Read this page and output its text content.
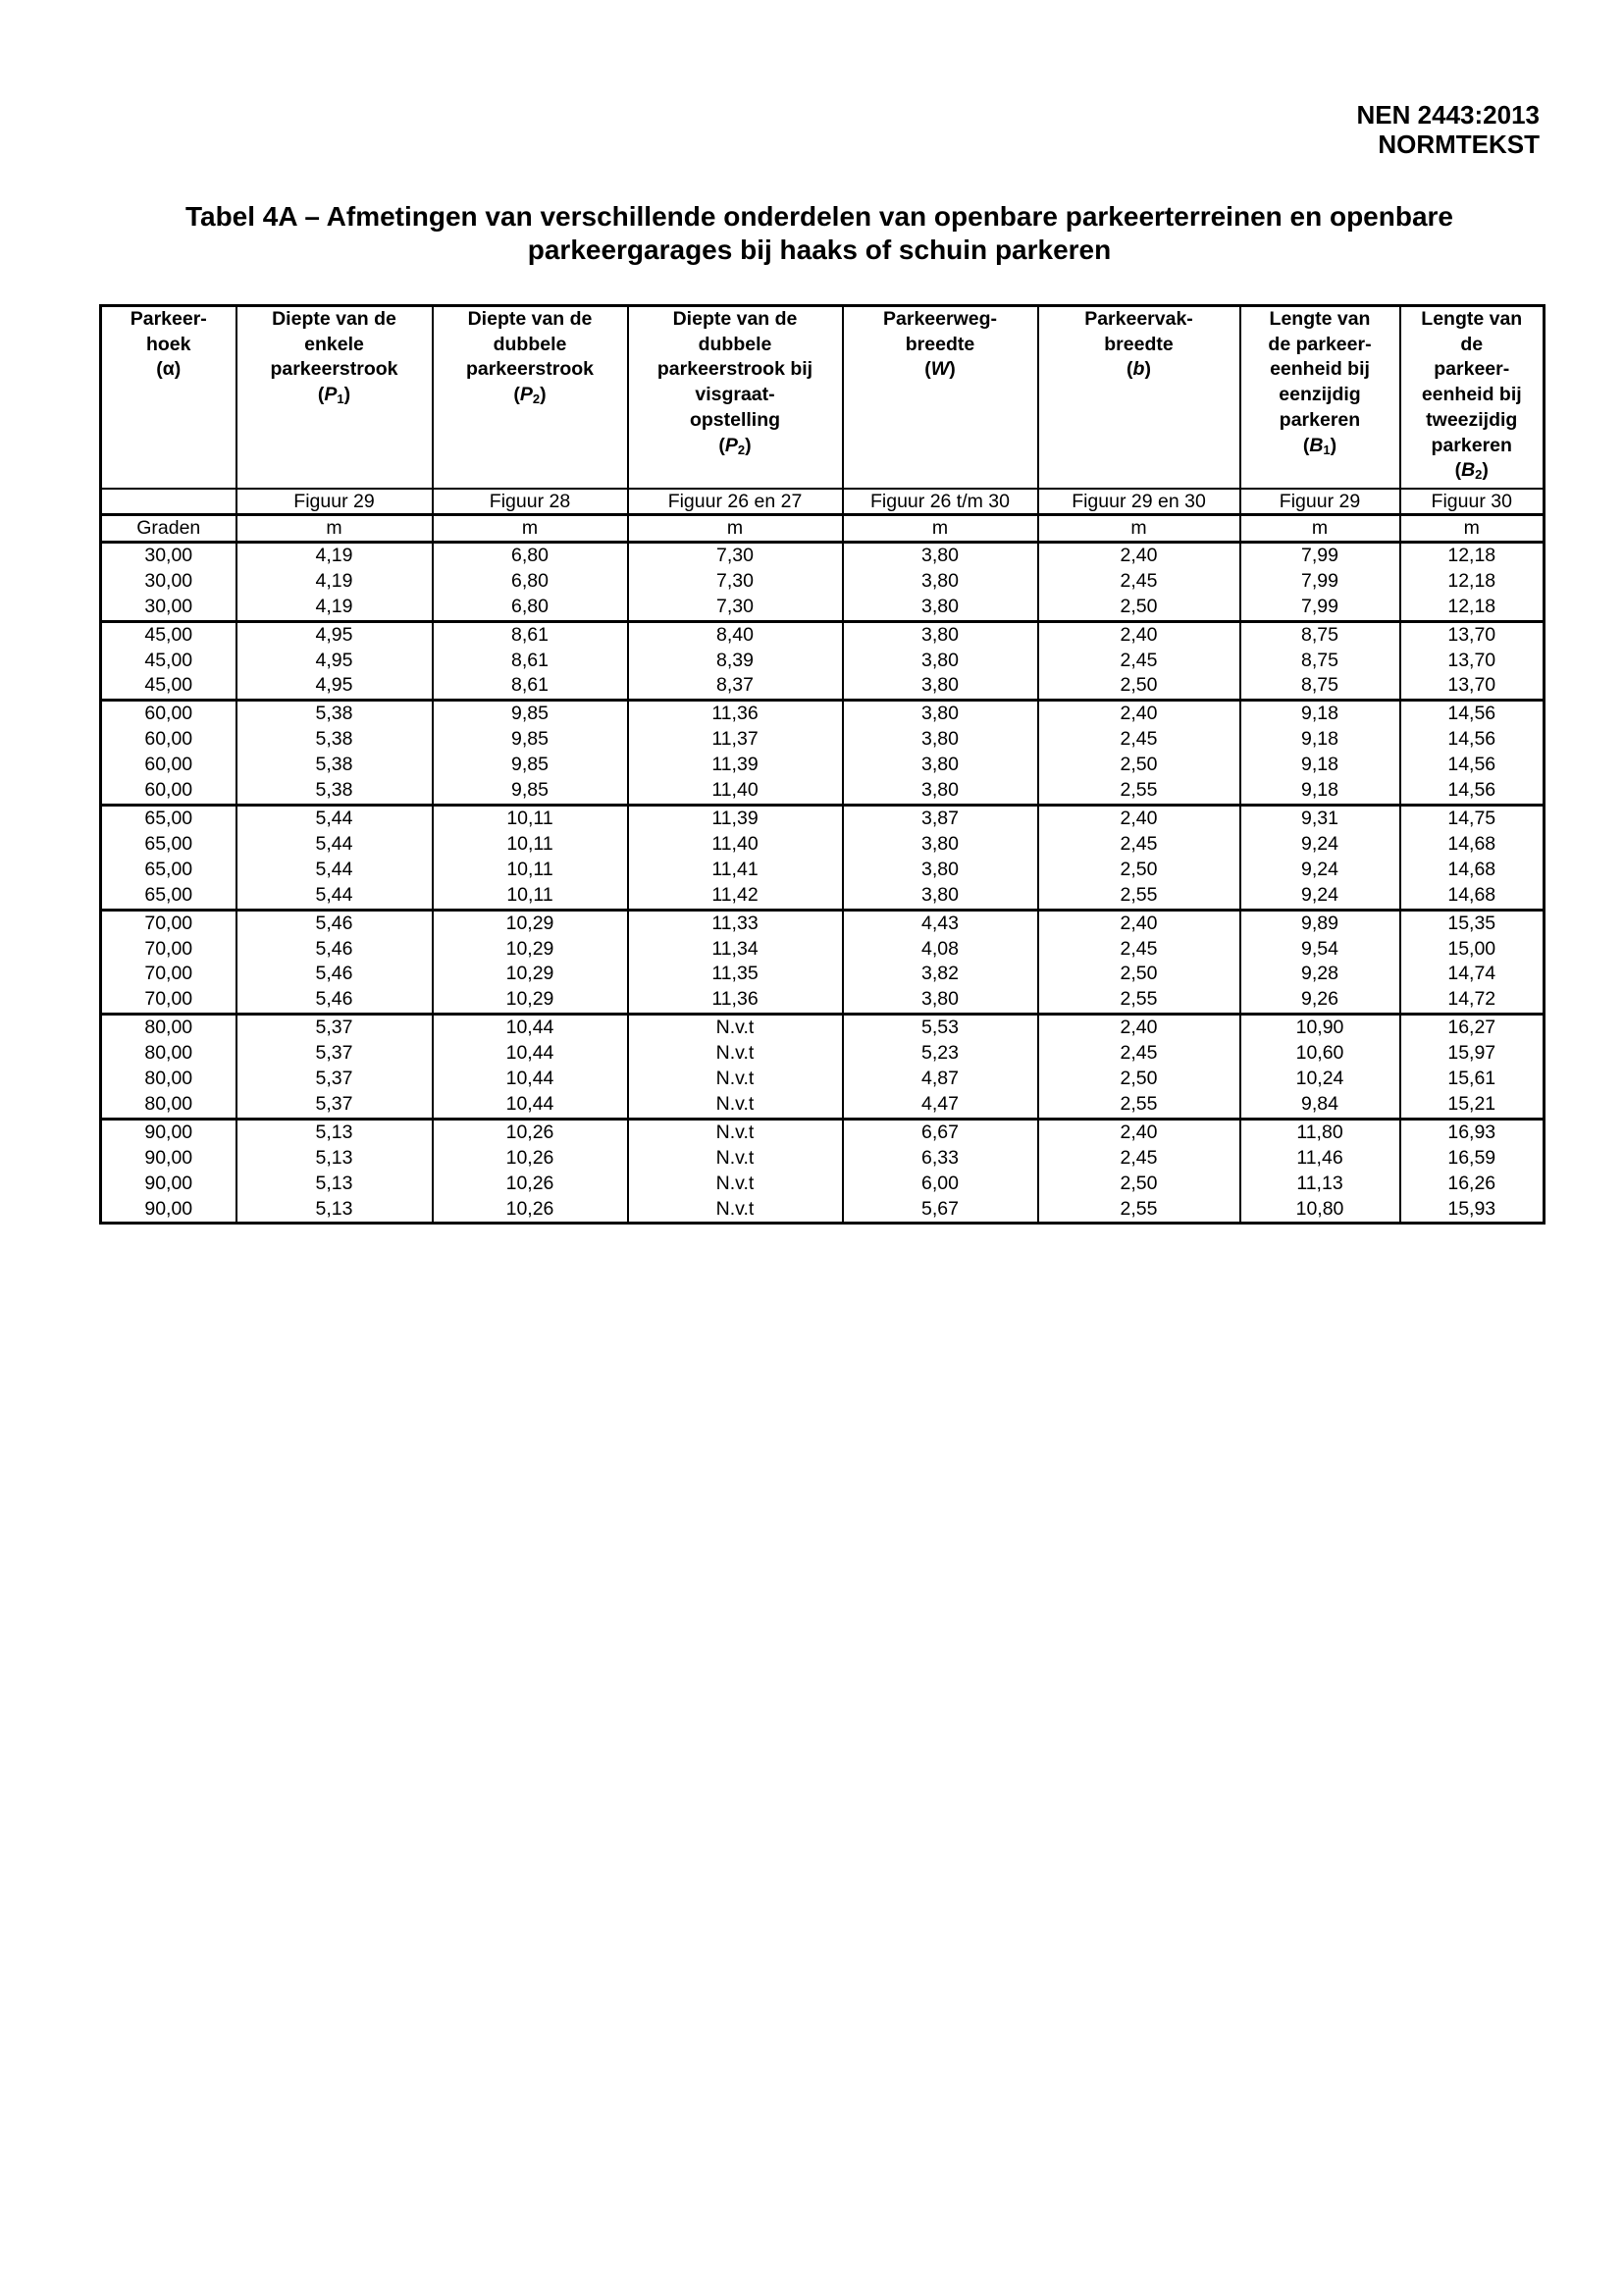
NEN 2443:2013
NORMTEKST
Tabel 4A – Afmetingen van verschillende onderdelen van openbare parkeerterreinen en openbare
parkeergarages bij haaks of schuin parkeren
Parkeer-
hoek
(α)

Diepte van de
enkele
parkeerstrook
$(P_1)$

Diepte van de
dubbele
parkeerstrook
$(P_2)$

Diepte van de
dubbele
parkeerstrook bij
visgraat-
opstelling
$(P_2)$

Parkeerweg-
breedte
(W)

Parkeervak-
breedte
(b)

Lengte van
de parkeer-
eenheid bij
eenzijdig
parkeren
$(B_1)$

Lengte van
de
parkeer-
eenheid bij
tweezijdig
parkeren
$(B_2)$

	Figuur 29	Figuur 28	Figuur 26 en 27	Figuur 26 t/m 30	Figuur 29 en 30	Figuur 29	Figuur 30
Graden	m	m	m	m	m	m	m
30,00	4,19	6,80	7,30	3,80	2,40	7,99	12,18
30,00	4,19	6,80	7,30	3,80	2,45	7,99	12,18
30,00	4,19	6,80	7,30	3,80	2,50	7,99	12,18
45,00	4,95	8,61	8,40	3,80	2,40	8,75	13,70
45,00	4,95	8,61	8,39	3,80	2,45	8,75	13,70
45,00	4,95	8,61	8,37	3,80	2,50	8,75	13,70
60,00	5,38	9,85	11,36	3,80	2,40	9,18	14,56
60,00	5,38	9,85	11,37	3,80	2,45	9,18	14,56
60,00	5,38	9,85	11,39	3,80	2,50	9,18	14,56
60,00	5,38	9,85	11,40	3,80	2,55	9,18	14,56
65,00	5,44	10,11	11,39	3,87	2,40	9,31	14,75
65,00	5,44	10,11	11,40	3,80	2,45	9,24	14,68
65,00	5,44	10,11	11,41	3,80	2,50	9,24	14,68
65,00	5,44	10,11	11,42	3,80	2,55	9,24	14,68
70,00	5,46	10,29	11,33	4,43	2,40	9,89	15,35
70,00	5,46	10,29	11,34	4,08	2,45	9,54	15,00
70,00	5,46	10,29	11,35	3,82	2,50	9,28	14,74
70,00	5,46	10,29	11,36	3,80	2,55	9,26	14,72
80,00	5,37	10,44	N.v.t	5,53	2,40	10,90	16,27
80,00	5,37	10,44	N.v.t	5,23	2,45	10,60	15,97
80,00	5,37	10,44	N.v.t	4,87	2,50	10,24	15,61
80,00	5,37	10,44	N.v.t	4,47	2,55	9,84	15,21
90,00	5,13	10,26	N.v.t	6,67	2,40	11,80	16,93
90,00	5,13	10,26	N.v.t	6,33	2,45	11,46	16,59
90,00	5,13	10,26	N.v.t	6,00	2,50	11,13	16,26
90,00	5,13	10,26	N.v.t	5,67	2,55	10,80	15,93
